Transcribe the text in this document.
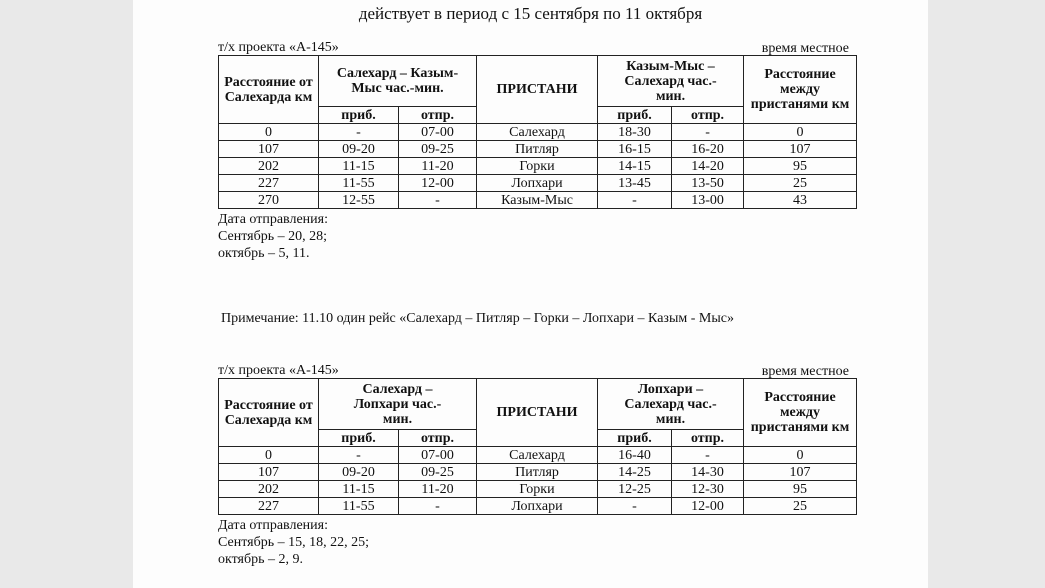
действует в период с 15 сентября по 11 октября
т/х проекта «А-145»	время местное
Расстояние от Салехарда км	Салехард – Казым-Мыс час.-мин.		ПРИСТАНИ	Казым-Мыс – Салехард час.-мин.		Расстояние между пристанями км
	приб.	отпр.		приб.	отпр.	
0	-	07-00	Салехард	18-30	-	0
107	09-20	09-25	Питляр	16-15	16-20	107
202	11-15	11-20	Горки	14-15	14-20	95
227	11-55	12-00	Лопхари	13-45	13-50	25
270	12-55	-	Казым-Мыс	-	13-00	43
Дата отправления:
Сентябрь – 20, 28;
октябрь – 5, 11.
Примечание: 11.10 один рейс «Салехард – Питляр – Горки – Лопхари – Казым - Мыс»
т/х проекта «А-145»	время местное
Расстояние от Салехарда км	Салехард – Лопхари час.-мин.		ПРИСТАНИ	Лопхари – Салехард час.-мин.		Расстояние между пристанями км
	приб.	отпр.		приб.	отпр.	
0	-	07-00	Салехард	16-40	-	0
107	09-20	09-25	Питляр	14-25	14-30	107
202	11-15	11-20	Горки	12-25	12-30	95
227	11-55	-	Лопхари	-	12-00	25
Дата отправления:
Сентябрь – 15, 18, 22, 25;
октябрь – 2, 9.
